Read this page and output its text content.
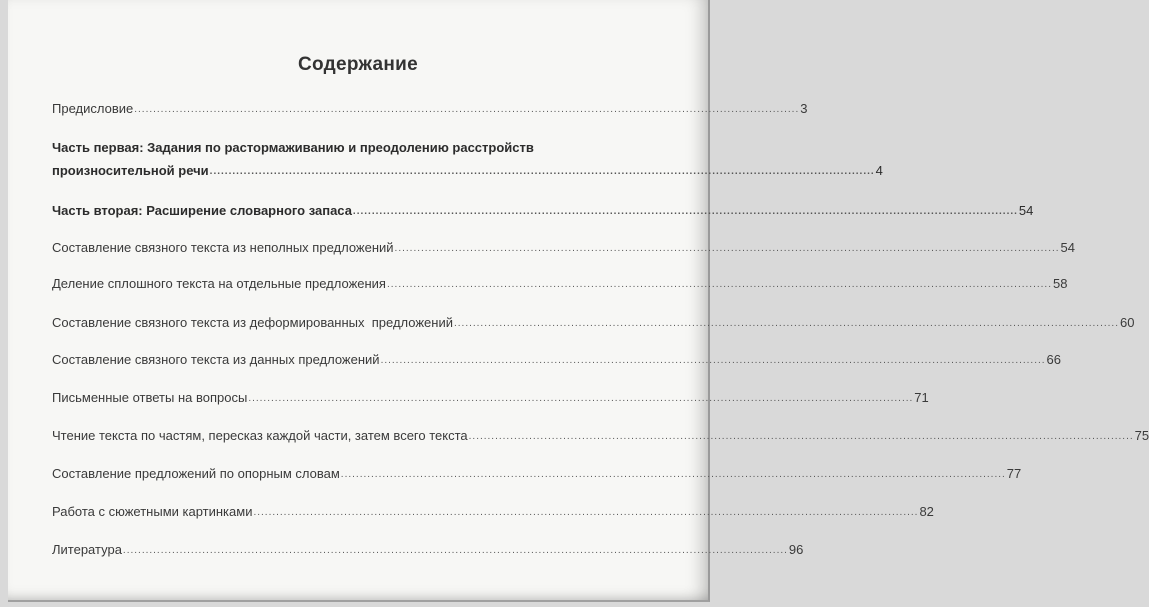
Содержание
Предисловие ................................................................................................................................................................................ 3
Часть первая: Задания по растормаживанию и преодолению расстройств
произносительной речи ................................................................................................................................................................................ 4
Часть вторая: Расширение словарного запаса ................................................................................................................................................................................ 54
Составление связного текста из неполных предложений ................................................................................................................................................................................ 54
Деление сплошного текста на отдельные предложения ................................................................................................................................................................................ 58
Составление связного текста из деформированных  предложений ................................................................................................................................................................................ 60
Составление связного текста из данных предложений ................................................................................................................................................................................ 66
Письменные ответы на вопросы ................................................................................................................................................................................ 71
Чтение текста по частям, пересказ каждой части, затем всего текста ................................................................................................................................................................................ 75
Составление предложений по опорным словам ................................................................................................................................................................................ 77
Работа с сюжетными картинками ................................................................................................................................................................................ 82
Литература ................................................................................................................................................................................ 96
